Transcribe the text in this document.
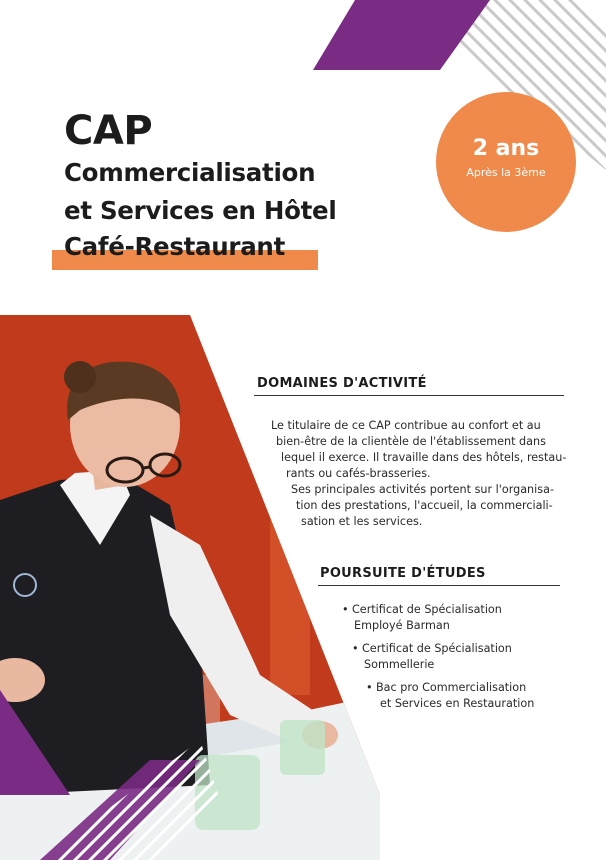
CAP
Commercialisation
et Services en Hôtel
Café-Restaurant
2 ans
Après la 3ème
DOMAINES D'ACTIVITÉ

Le titulaire de ce CAP contribue au confort et au

bien-être de la clientèle de l'établissement dans

lequel il exerce. Il travaille dans des hôtels, restau-

rants ou cafés-brasseries.

Ses principales activités portent sur l'organisa-

tion des prestations, l'accueil, la commerciali-

sation et les services.

POURSUITE D'ÉTUDES
• Certificat de Spécialisation
Employé Barman
• Certificat de Spécialisation
Sommellerie
• Bac pro Commercialisation
et Services en Restauration
